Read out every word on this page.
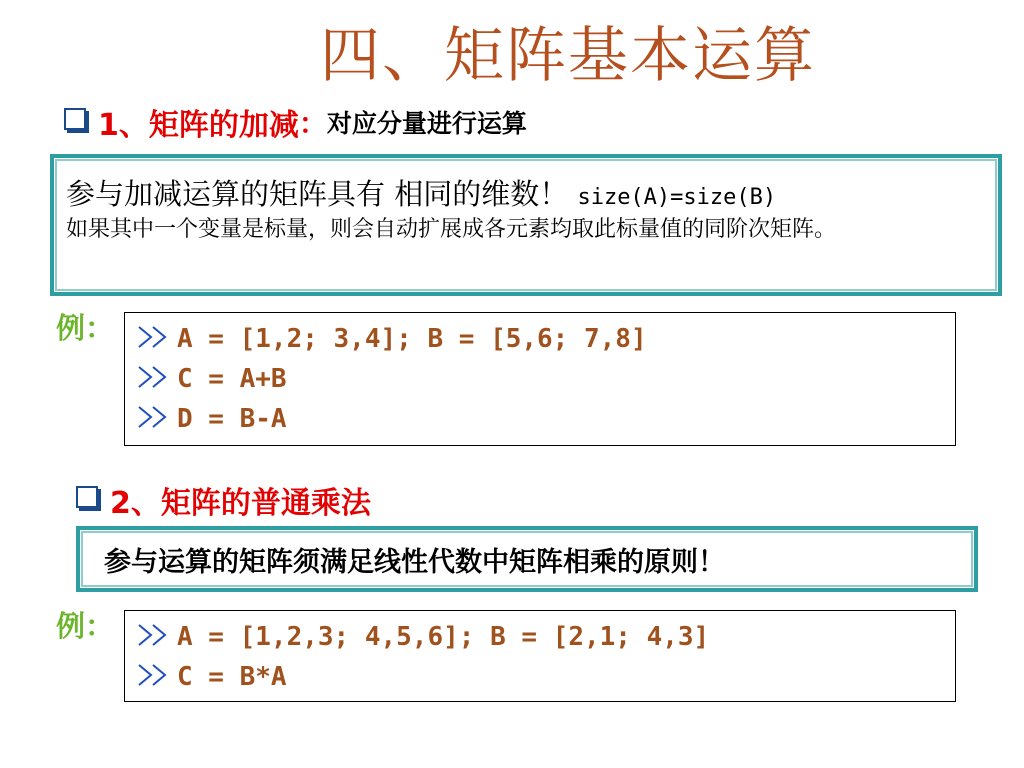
四、矩阵基本运算
1、矩阵的加减：对应分量进行运算
参与加减运算的矩阵具有 相同的维数！ size(A)=size(B)
如果其中一个变量是标量，则会自动扩展成各元素均取此标量值的同阶次矩阵。
例：	A = [1,2; 3,4]; B = [5,6; 7,8]
C = A+B
D = B-A
2、矩阵的普通乘法
参与运算的矩阵须满足线性代数中矩阵相乘的原则！
例：	A = [1,2,3; 4,5,6]; B = [2,1; 4,3]
C = B*A
